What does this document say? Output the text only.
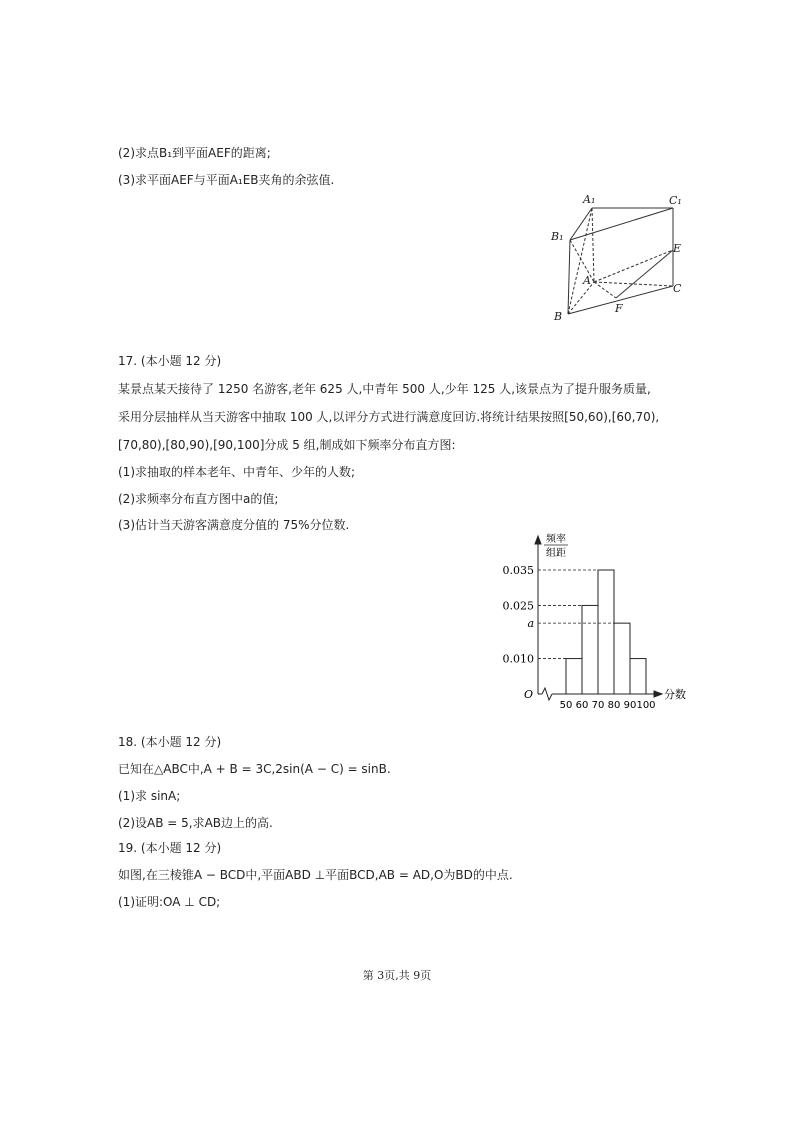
(2)求点B₁到平面AEF的距离;
(3)求平面AEF与平面A₁EB夹角的余弦值.
A₁	C₁
B₁
E
A
C
B
F
17. (本小题 12 分)
某景点某天接待了 1250 名游客,老年 625 人,中青年 500 人,少年 125 人,该景点为了提升服务质量,
采用分层抽样从当天游客中抽取 100 人,以评分方式进行满意度回访.将统计结果按照[50,60),[60,70),
[70,80),[80,90),[90,100]分成 5 组,制成如下频率分布直方图:
(1)求抽取的样本老年、中青年、少年的人数;
(2)求频率分布直方图中a的值;
(3)估计当天游客满意度分值的 75%分位数.
频率
组距
O	分数
0.035
0.025
a
0.010
50 60 70 80 90 100
18. (本小题 12 分)
已知在△ABC中,A + B = 3C,2sin(A − C) = sinB.
(1)求 sinA;
(2)设AB = 5,求AB边上的高.
19. (本小题 12 分)
如图,在三棱锥A − BCD中,平面ABD ⊥平面BCD,AB = AD,O为BD的中点.
(1)证明:OA ⊥ CD;
第 3页,共 9页
